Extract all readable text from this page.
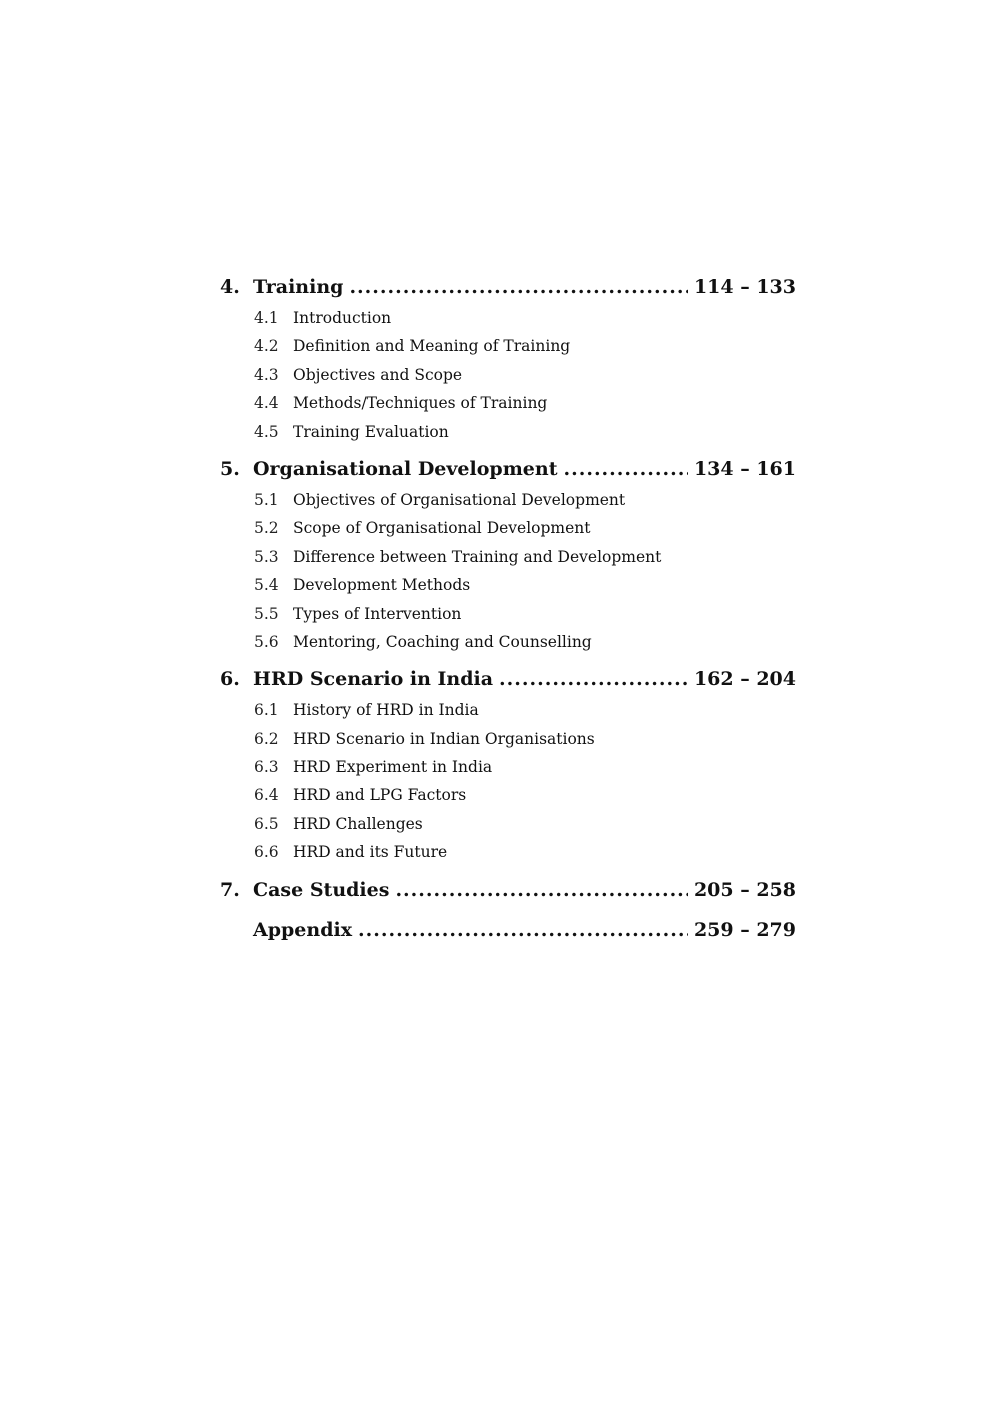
4. Training .....	114 – 133
4.1 Introduction
4.2 Definition and Meaning of Training
4.3 Objectives and Scope
4.4 Methods/Techniques of Training
4.5 Training Evaluation
5. Organisational Development .....	134 – 161
5.1 Objectives of Organisational Development
5.2 Scope of Organisational Development
5.3 Difference between Training and Development
5.4 Development Methods
5.5 Types of Intervention
5.6 Mentoring, Coaching and Counselling
6. HRD Scenario in India .....	162 – 204
6.1 History of HRD in India
6.2 HRD Scenario in Indian Organisations
6.3 HRD Experiment in India
6.4 HRD and LPG Factors
6.5 HRD Challenges
6.6 HRD and its Future
7. Case Studies .....	205 – 258
Appendix .....	259 – 279
